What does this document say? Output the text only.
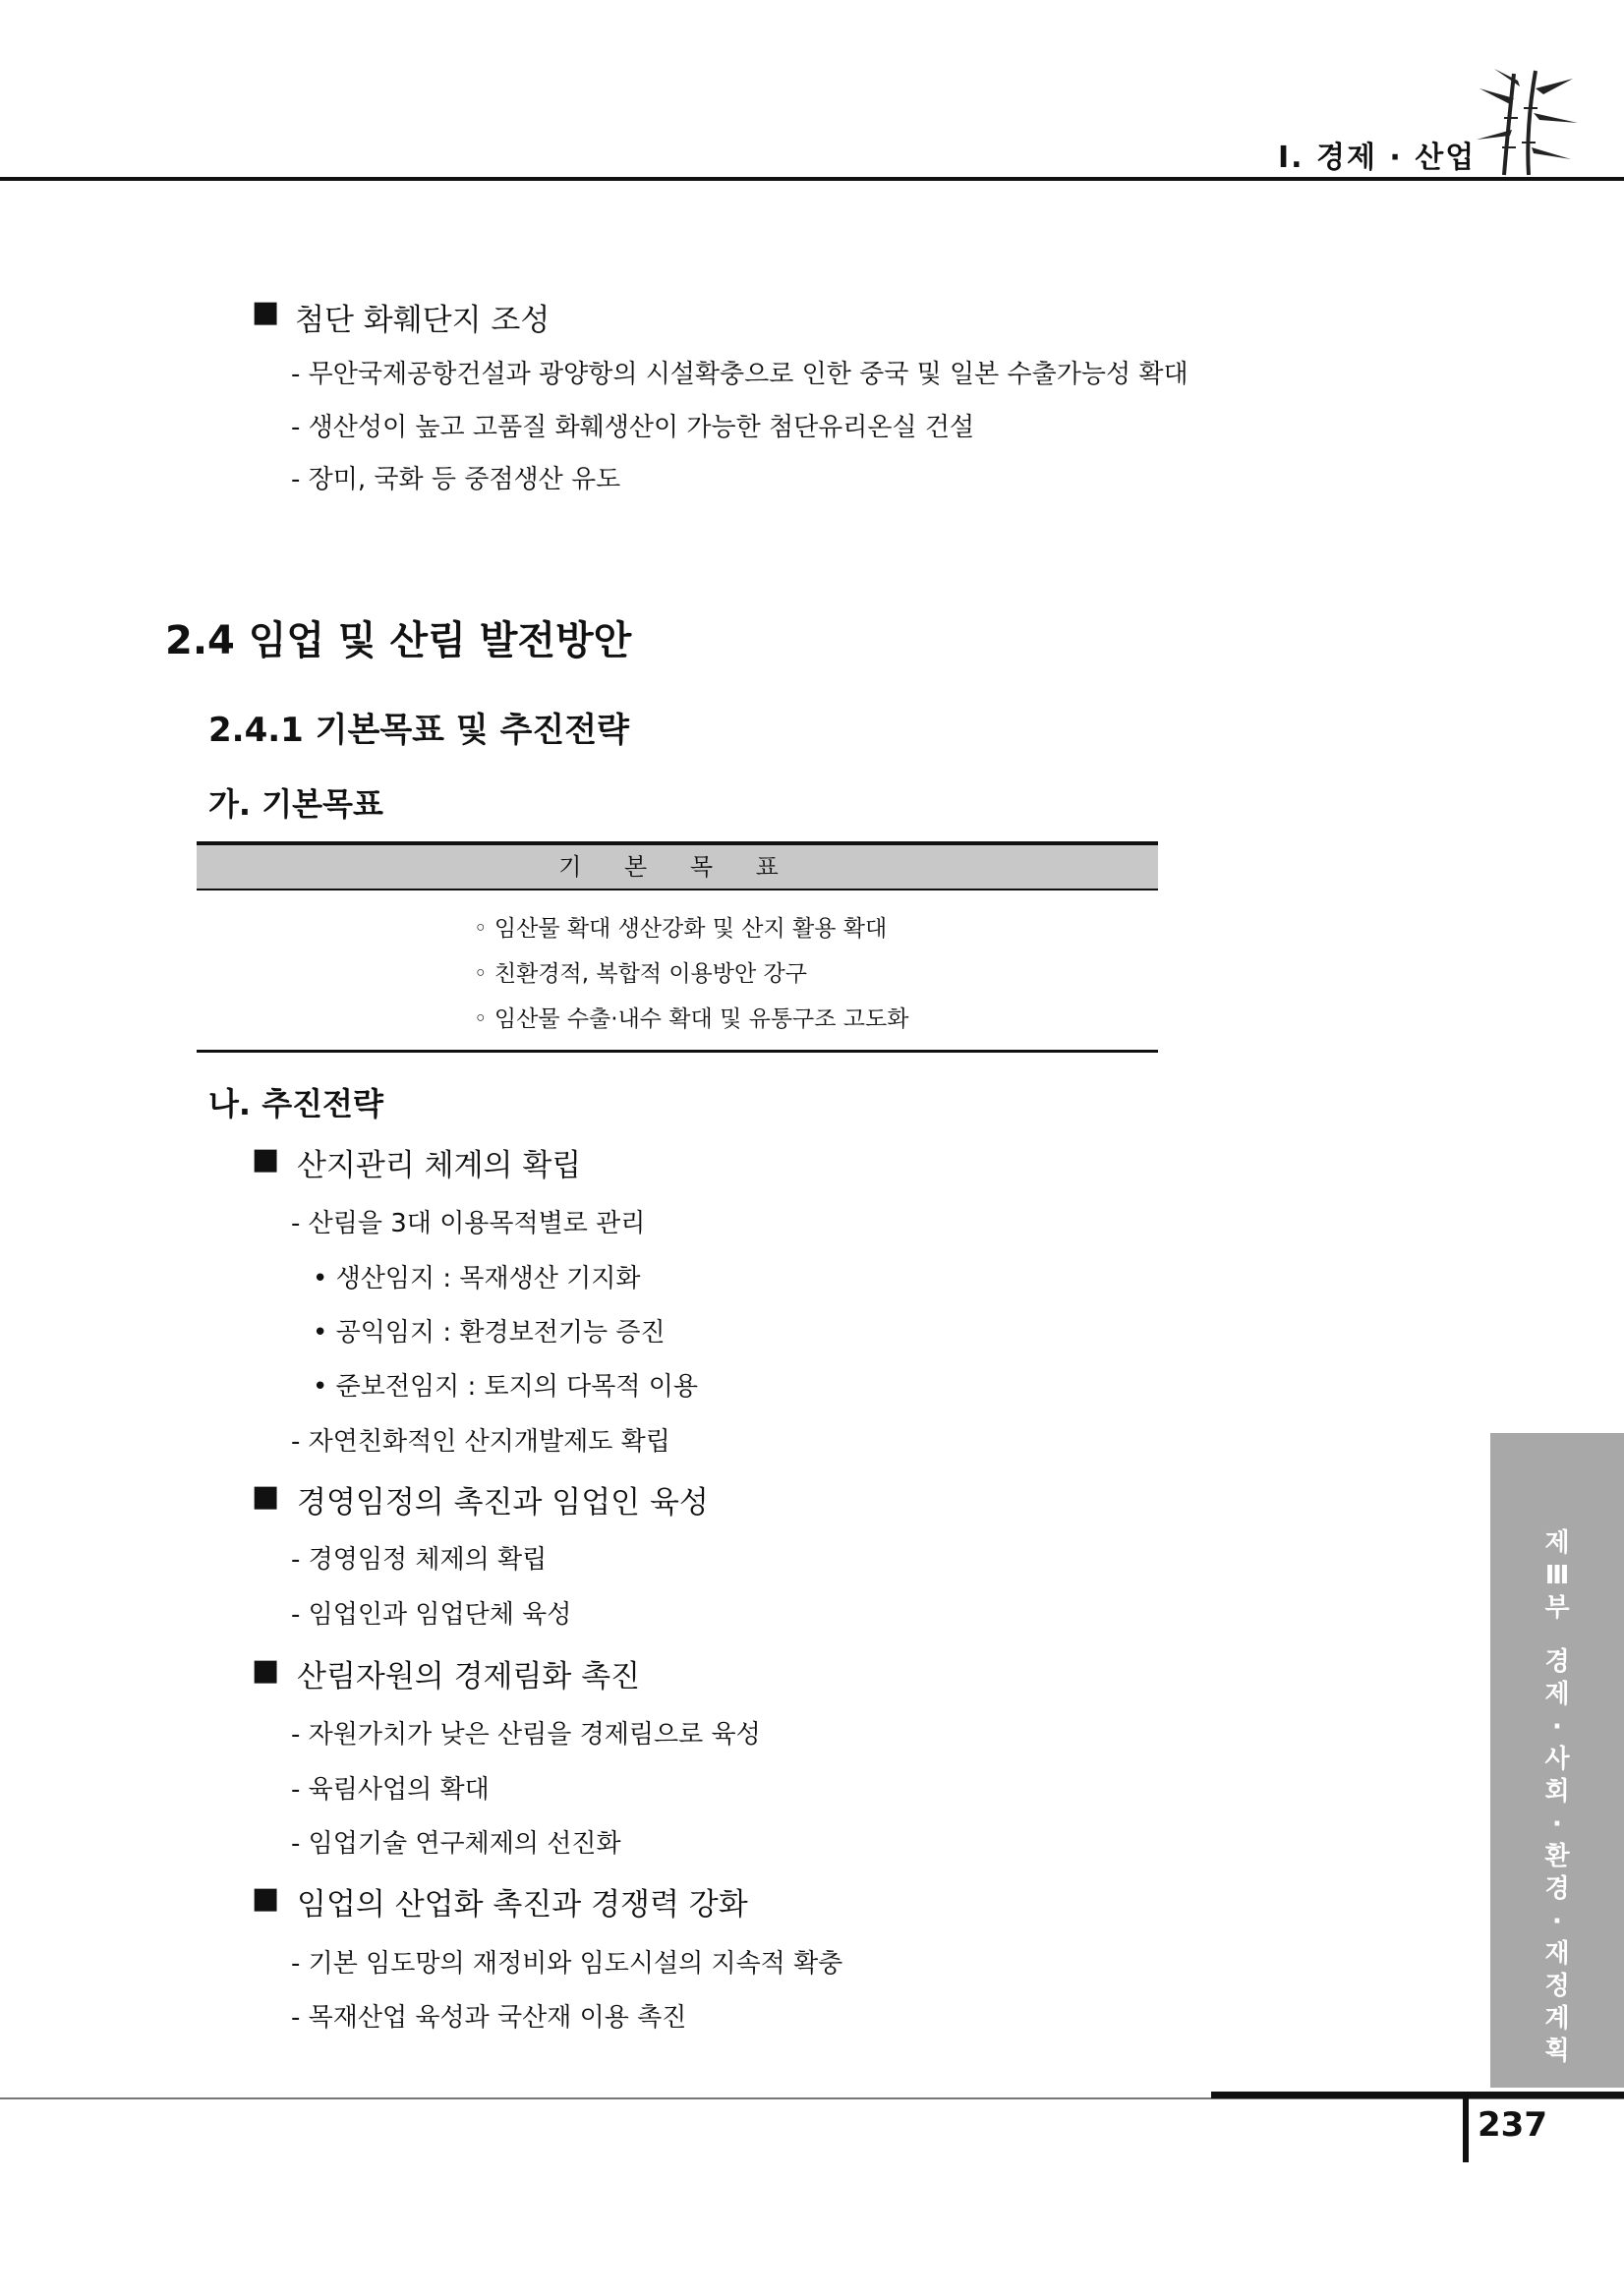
Ⅰ. 경제 · 산업
■ 첨단 화훼단지 조성
- 무안국제공항건설과 광양항의 시설확충으로 인한 중국 및 일본 수출가능성 확대
- 생산성이 높고 고품질 화훼생산이 가능한 첨단유리온실 건설
- 장미, 국화 등 중점생산 유도
2.4 임업 및 산림 발전방안
2.4.1 기본목표 및 추진전략
가. 기본목표
기 본 목 표
◦ 임산물 확대 생산강화 및 산지 활용 확대
◦ 친환경적, 복합적 이용방안 강구
◦ 임산물 수출·내수 확대 및 유통구조 고도화
나. 추진전략
■ 산지관리 체계의 확립
- 산림을 3대 이용목적별로 관리
• 생산임지 : 목재생산 기지화
• 공익임지 : 환경보전기능 증진
• 준보전임지 : 토지의 다목적 이용
- 자연친화적인 산지개발제도 확립
■ 경영임정의 촉진과 임업인 육성
- 경영임정 체제의 확립
- 임업인과 임업단체 육성
■ 산림자원의 경제림화 촉진
- 자원가치가 낮은 산림을 경제림으로 육성
- 육림사업의 확대
- 임업기술 연구체제의 선진화
■ 임업의 산업화 촉진과 경쟁력 강화
- 기본 임도망의 재정비와 임도시설의 지속적 확충
- 목재산업 육성과 국산재 이용 촉진
제
Ⅲ
부
경
제
·
사
회
·
환
경
·
재
정
계
획
237
